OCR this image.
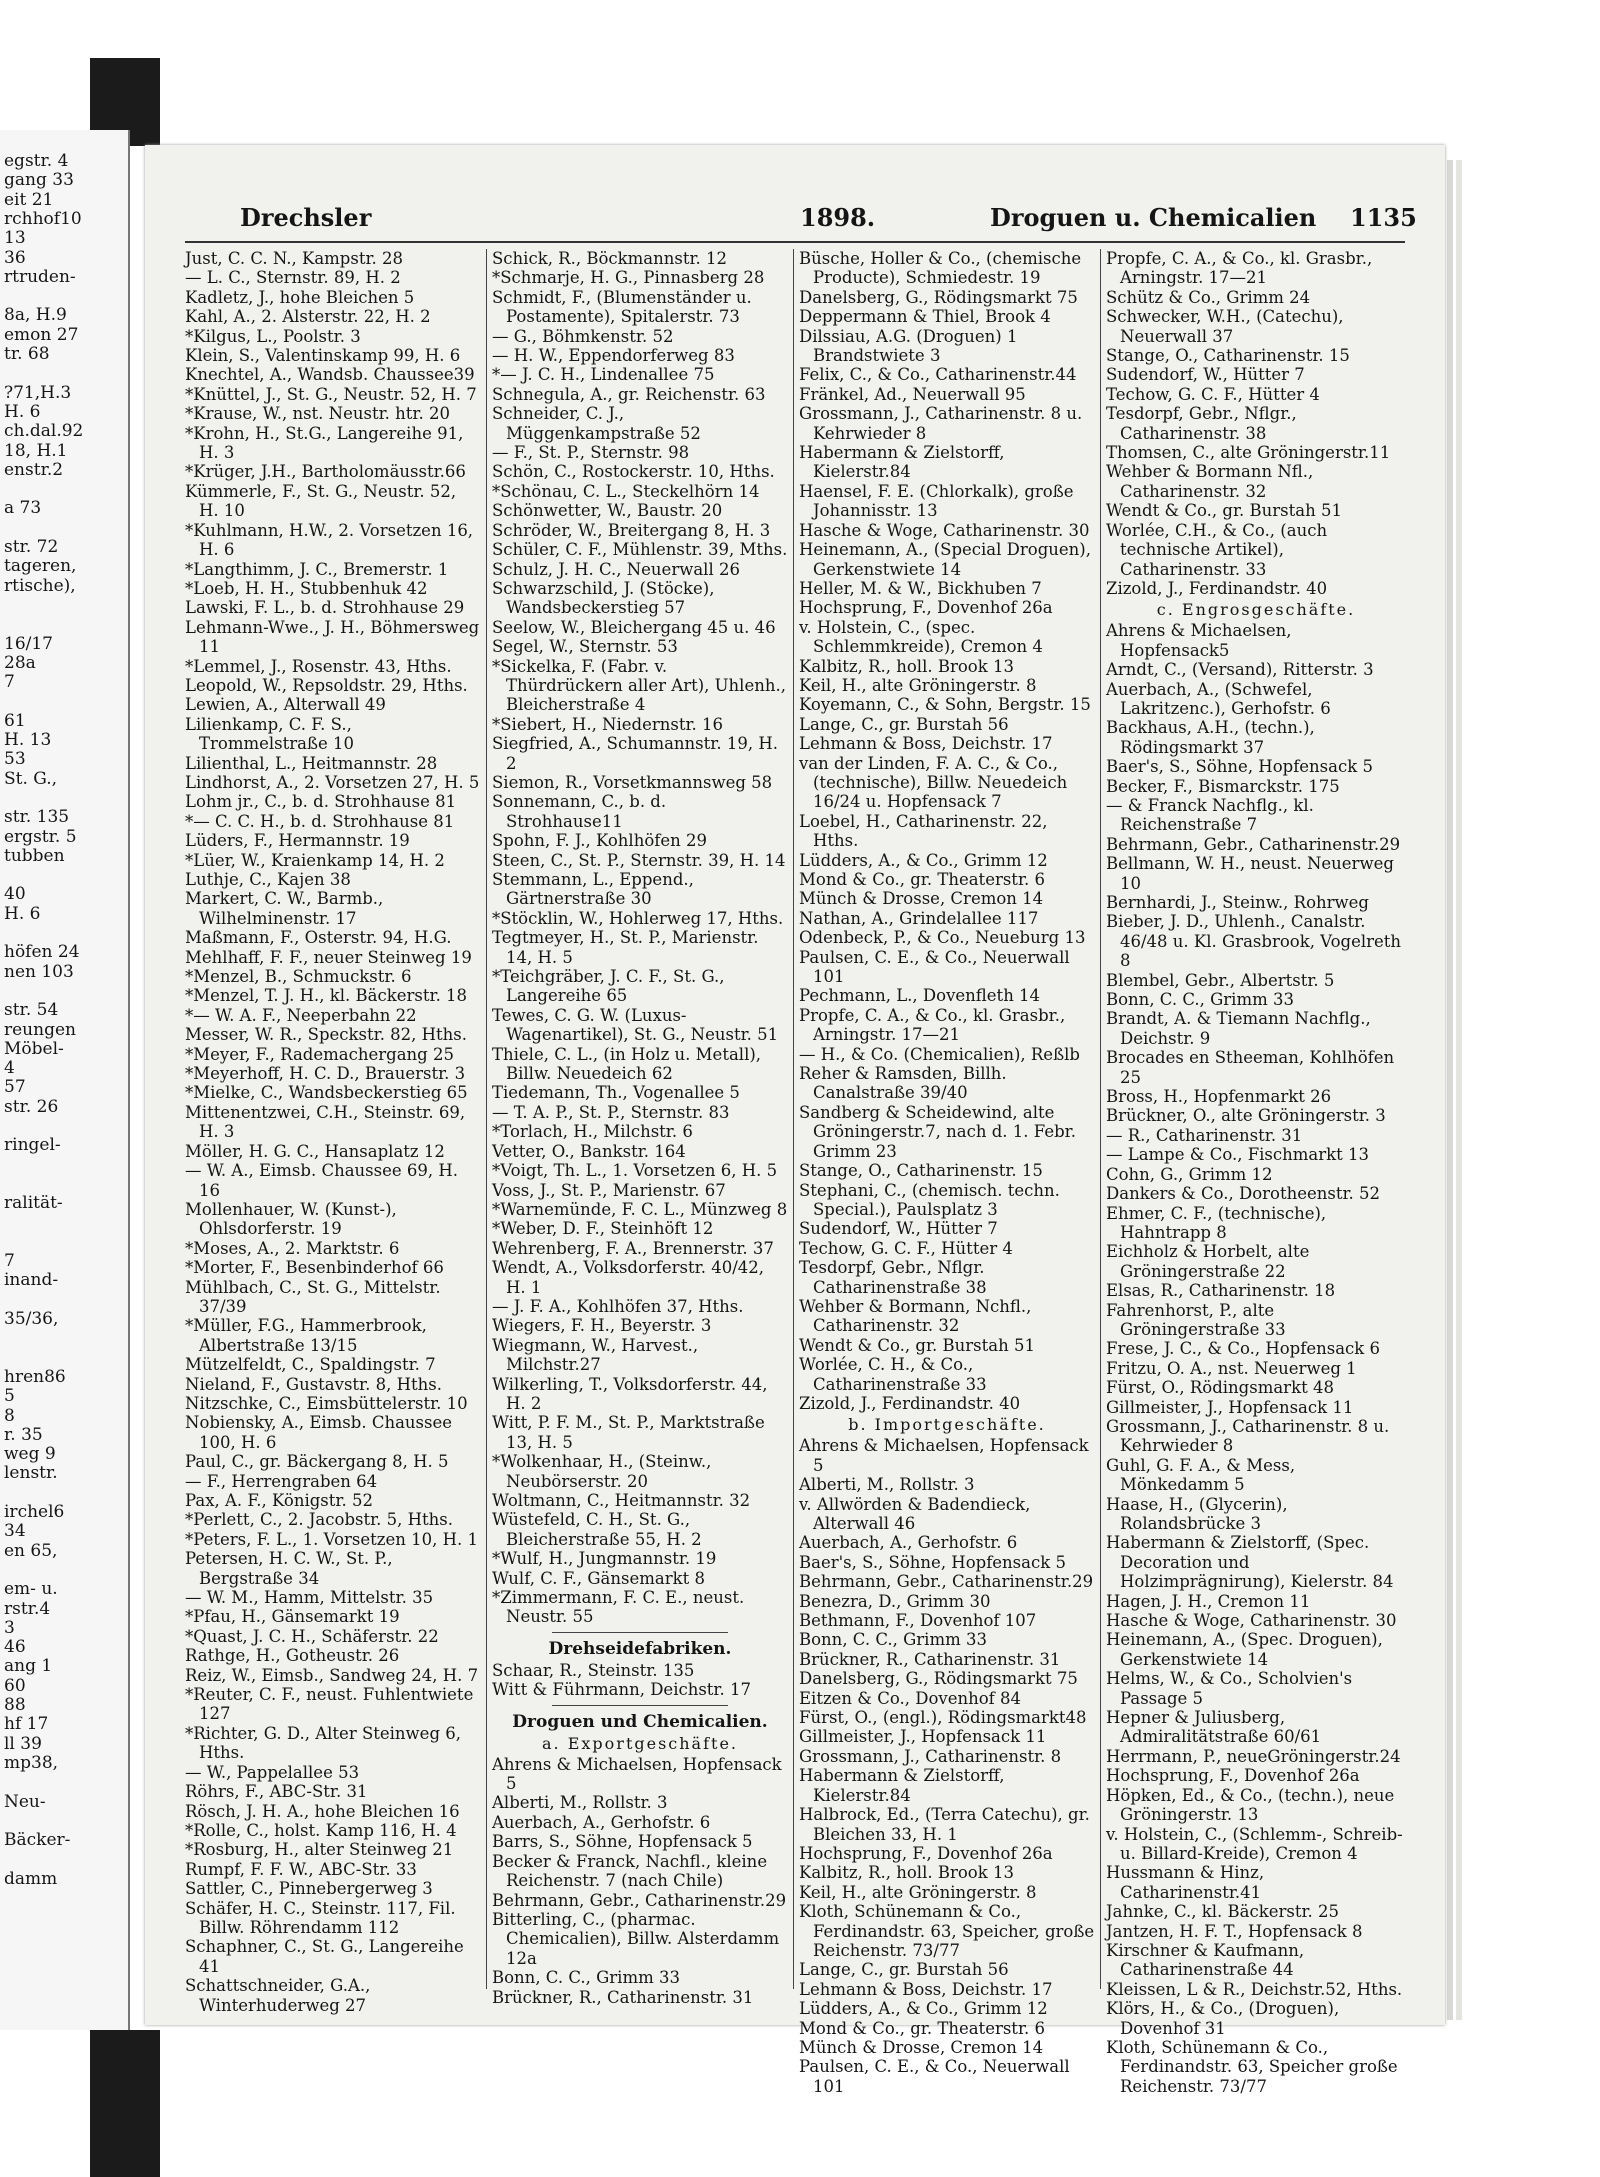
egstr. 4
gang 33
eit 21
rchhof10
13
36
rtruden-
8a, H.9
emon 27
tr. 68
?71,H.3
H. 6
ch.dal.92
18, H.1
enstr.2
a 73
str. 72
tageren,
rtische),
16/17
28a
7
61
H. 13
53
St. G.,
str. 135
ergstr. 5
tubben
40
H. 6
höfen 24
nen 103
str. 54
reungen
Möbel-
4
57
str. 26
ringel-
ralität-
7
inand-
35/36,
hren86
5
8
r. 35
weg 9
lenstr.
irchel6
34
en 65,
em- u.
rstr.4
3
46
ang 1
60
88
hf 17
ll 39
mp38,
Neu-
Bäcker-
damm
Drechsler	1898.	Droguen u. Chemicalien 1135
Just, C. C. N., Kampstr. 28
— L. C., Sternstr. 89, H. 2
Kadletz, J., hohe Bleichen 5
Kahl, A., 2. Alsterstr. 22, H. 2
*Kilgus, L., Poolstr. 3
Klein, S., Valentinskamp 99, H. 6
Knechtel, A., Wandsb. Chaussee39
*Knüttel, J., St. G., Neustr. 52, H. 7
*Krause, W., nst. Neustr. htr. 20
*Krohn, H., St.G., Langereihe 91, H. 3
*Krüger, J.H., Bartholomäusstr.66
Kümmerle, F., St. G., Neustr. 52, H. 10
*Kuhlmann, H.W., 2. Vorsetzen 16, H. 6
*Langthimm, J. C., Bremerstr. 1
*Loeb, H. H., Stubbenhuk 42
Lawski, F. L., b. d. Strohhause 29
Lehmann-Wwe., J. H., Böhmersweg 11
*Lemmel, J., Rosenstr. 43, Hths.
Leopold, W., Repsoldstr. 29, Hths.
Lewien, A., Alterwall 49
Lilienkamp, C. F. S., Trommelstraße 10
Lilienthal, L., Heitmannstr. 28
Lindhorst, A., 2. Vorsetzen 27, H. 5
Lohm jr., C., b. d. Strohhause 81
*— C. C. H., b. d. Strohhause 81
Lüders, F., Hermannstr. 19
*Lüer, W., Kraienkamp 14, H. 2
Luthje, C., Kajen 38
Markert, C. W., Barmb., Wilhelminenstr. 17
Maßmann, F., Osterstr. 94, H.G.
Mehlhaff, F. F., neuer Steinweg 19
*Menzel, B., Schmuckstr. 6
*Menzel, T. J. H., kl. Bäckerstr. 18
*— W. A. F., Neeperbahn 22
Messer, W. R., Speckstr. 82, Hths.
*Meyer, F., Rademachergang 25
*Meyerhoff, H. C. D., Brauerstr. 3
*Mielke, C., Wandsbeckerstieg 65
Mittenentzwei, C.H., Steinstr. 69, H. 3
Möller, H. G. C., Hansaplatz 12
— W. A., Eimsb. Chaussee 69, H. 16
Mollenhauer, W. (Kunst-), Ohlsdorferstr. 19
*Moses, A., 2. Marktstr. 6
*Morter, F., Besenbinderhof 66
Mühlbach, C., St. G., Mittelstr. 37/39
*Müller, F.G., Hammerbrook, Albertstraße 13/15
Mützelfeldt, C., Spaldingstr. 7
Nieland, F., Gustavstr. 8, Hths.
Nitzschke, C., Eimsbüttelerstr. 10
Nobiensky, A., Eimsb. Chaussee 100, H. 6
Paul, C., gr. Bäckergang 8, H. 5
— F., Herrengraben 64
Pax, A. F., Königstr. 52
*Perlett, C., 2. Jacobstr. 5, Hths.
*Peters, F. L., 1. Vorsetzen 10, H. 1
Petersen, H. C. W., St. P., Bergstraße 34
— W. M., Hamm, Mittelstr. 35
*Pfau, H., Gänsemarkt 19
*Quast, J. C. H., Schäferstr. 22
Rathge, H., Gotheustr. 26
Reiz, W., Eimsb., Sandweg 24, H. 7
*Reuter, C. F., neust. Fuhlentwiete 127
*Richter, G. D., Alter Steinweg 6, Hths.
— W., Pappelallee 53
Röhrs, F., ABC-Str. 31
Rösch, J. H. A., hohe Bleichen 16
*Rolle, C., holst. Kamp 116, H. 4
*Rosburg, H., alter Steinweg 21
Rumpf, F. F. W., ABC-Str. 33
Sattler, C., Pinnebergerweg 3
Schäfer, H. C., Steinstr. 117, Fil. Billw. Röhrendamm 112
Schaphner, C., St. G., Langereihe 41
Schattschneider, G.A., Winterhuderweg 27
Schick, R., Böckmannstr. 12
*Schmarje, H. G., Pinnasberg 28
Schmidt, F., (Blumenständer u. Postamente), Spitalerstr. 73
— G., Böhmkenstr. 52
— H. W., Eppendorferweg 83
*— J. C. H., Lindenallee 75
Schnegula, A., gr. Reichenstr. 63
Schneider, C. J., Müggenkampstraße 52
— F., St. P., Sternstr. 98
Schön, C., Rostockerstr. 10, Hths.
*Schönau, C. L., Steckelhörn 14
Schönwetter, W., Baustr. 20
Schröder, W., Breitergang 8, H. 3
Schüler, C. F., Mühlenstr. 39, Mths.
Schulz, J. H. C., Neuerwall 26
Schwarzschild, J. (Stöcke), Wandsbeckerstieg 57
Seelow, W., Bleichergang 45 u. 46
Segel, W., Sternstr. 53
*Sickelka, F. (Fabr. v. Thürdrückern aller Art), Uhlenh., Bleicherstraße 4
*Siebert, H., Niedernstr. 16
Siegfried, A., Schumannstr. 19, H. 2
Siemon, R., Vorsetkmannsweg 58
Sonnemann, C., b. d. Strohhause11
Spohn, F. J., Kohlhöfen 29
Steen, C., St. P., Sternstr. 39, H. 14
Stemmann, L., Eppend., Gärtnerstraße 30
*Stöcklin, W., Hohlerweg 17, Hths.
Tegtmeyer, H., St. P., Marienstr. 14, H. 5
*Teichgräber, J. C. F., St. G., Langereihe 65
Tewes, C. G. W. (Luxus-Wagenartikel), St. G., Neustr. 51
Thiele, C. L., (in Holz u. Metall), Billw. Neuedeich 62
Tiedemann, Th., Vogenallee 5
— T. A. P., St. P., Sternstr. 83
*Torlach, H., Milchstr. 6
Vetter, O., Bankstr. 164
*Voigt, Th. L., 1. Vorsetzen 6, H. 5
Voss, J., St. P., Marienstr. 67
*Warnemünde, F. C. L., Münzweg 8
*Weber, D. F., Steinhöft 12
Wehrenberg, F. A., Brennerstr. 37
Wendt, A., Volksdorferstr. 40/42, H. 1
— J. F. A., Kohlhöfen 37, Hths.
Wiegers, F. H., Beyerstr. 3
Wiegmann, W., Harvest., Milchstr.27
Wilkerling, T., Volksdorferstr. 44, H. 2
Witt, P. F. M., St. P., Marktstraße 13, H. 5
*Wolkenhaar, H., (Steinw., Neubörserstr. 20
Woltmann, C., Heitmannstr. 32
Wüstefeld, C. H., St. G., Bleicherstraße 55, H. 2
*Wulf, H., Jungmannstr. 19
Wulf, C. F., Gänsemarkt 8
*Zimmermann, F. C. E., neust. Neustr. 55
Drehseidefabriken.
Schaar, R., Steinstr. 135
Witt & Führmann, Deichstr. 17
Droguen und Chemicalien.
a. Exportgeschäfte.
Ahrens & Michaelsen, Hopfensack 5
Alberti, M., Rollstr. 3
Auerbach, A., Gerhofstr. 6
Barrs, S., Söhne, Hopfensack 5
Becker & Franck, Nachfl., kleine Reichenstr. 7 (nach Chile)
Behrmann, Gebr., Catharinenstr.29
Bitterling, C., (pharmac. Chemicalien), Billw. Alsterdamm 12a
Bonn, C. C., Grimm 33
Brückner, R., Catharinenstr. 31
Büsche, Holler & Co., (chemische Producte), Schmiedestr. 19
Danelsberg, G., Rödingsmarkt 75
Deppermann & Thiel, Brook 4
Dilssiau, A.G. (Droguen) 1 Brandstwiete 3
Felix, C., & Co., Catharinenstr.44
Fränkel, Ad., Neuerwall 95
Grossmann, J., Catharinenstr. 8 u. Kehrwieder 8
Habermann & Zielstorff, Kielerstr.84
Haensel, F. E. (Chlorkalk), große Johannisstr. 13
Hasche & Woge, Catharinenstr. 30
Heinemann, A., (Special Droguen), Gerkenstwiete 14
Heller, M. & W., Bickhuben 7
Hochsprung, F., Dovenhof 26a
v. Holstein, C., (spec. Schlemmkreide), Cremon 4
Kalbitz, R., holl. Brook 13
Keil, H., alte Gröningerstr. 8
Koyemann, C., & Sohn, Bergstr. 15
Lange, C., gr. Burstah 56
Lehmann & Boss, Deichstr. 17
van der Linden, F. A. C., & Co., (technische), Billw. Neuedeich 16/24 u. Hopfensack 7
Loebel, H., Catharinenstr. 22, Hths.
Lüdders, A., & Co., Grimm 12
Mond & Co., gr. Theaterstr. 6
Münch & Drosse, Cremon 14
Nathan, A., Grindelallee 117
Odenbeck, P., & Co., Neueburg 13
Paulsen, C. E., & Co., Neuerwall 101
Pechmann, L., Dovenfleth 14
Propfe, C. A., & Co., kl. Grasbr., Arningstr. 17—21
— H., & Co. (Chemicalien), Reßlb
Reher & Ramsden, Billh. Canalstraße 39/40
Sandberg & Scheidewind, alte Gröningerstr.7, nach d. 1. Febr. Grimm 23
Stange, O., Catharinenstr. 15
Stephani, C., (chemisch. techn. Special.), Paulsplatz 3
Sudendorf, W., Hütter 7
Techow, G. C. F., Hütter 4
Tesdorpf, Gebr., Nflgr. Catharinenstraße 38
Wehber & Bormann, Nchfl., Catharinenstr. 32
Wendt & Co., gr. Burstah 51
Worlée, C. H., & Co., Catharinenstraße 33
Zizold, J., Ferdinandstr. 40
b. Importgeschäfte.
Ahrens & Michaelsen, Hopfensack 5
Alberti, M., Rollstr. 3
v. Allwörden & Badendieck, Alterwall 46
Auerbach, A., Gerhofstr. 6
Baer's, S., Söhne, Hopfensack 5
Behrmann, Gebr., Catharinenstr.29
Benezra, D., Grimm 30
Bethmann, F., Dovenhof 107
Bonn, C. C., Grimm 33
Brückner, R., Catharinenstr. 31
Danelsberg, G., Rödingsmarkt 75
Eitzen & Co., Dovenhof 84
Fürst, O., (engl.), Rödingsmarkt48
Gillmeister, J., Hopfensack 11
Grossmann, J., Catharinenstr. 8
Habermann & Zielstorff, Kielerstr.84
Halbrock, Ed., (Terra Catechu), gr. Bleichen 33, H. 1
Hochsprung, F., Dovenhof 26a
Kalbitz, R., holl. Brook 13
Keil, H., alte Gröningerstr. 8
Kloth, Schünemann & Co., Ferdinandstr. 63, Speicher, große Reichenstr. 73/77
Lange, C., gr. Burstah 56
Lehmann & Boss, Deichstr. 17
Lüdders, A., & Co., Grimm 12
Mond & Co., gr. Theaterstr. 6
Münch & Drosse, Cremon 14
Paulsen, C. E., & Co., Neuerwall 101
Propfe, C. A., & Co., kl. Grasbr., Arningstr. 17—21
Schütz & Co., Grimm 24
Schwecker, W.H., (Catechu), Neuerwall 37
Stange, O., Catharinenstr. 15
Sudendorf, W., Hütter 7
Techow, G. C. F., Hütter 4
Tesdorpf, Gebr., Nflgr., Catharinenstr. 38
Thomsen, C., alte Gröningerstr.11
Wehber & Bormann Nfl., Catharinenstr. 32
Wendt & Co., gr. Burstah 51
Worlée, C.H., & Co., (auch technische Artikel), Catharinenstr. 33
Zizold, J., Ferdinandstr. 40
c. Engrosgeschäfte.
Ahrens & Michaelsen, Hopfensack5
Arndt, C., (Versand), Ritterstr. 3
Auerbach, A., (Schwefel, Lakritzenc.), Gerhofstr. 6
Backhaus, A.H., (techn.), Rödingsmarkt 37
Baer's, S., Söhne, Hopfensack 5
Becker, F., Bismarckstr. 175
— & Franck Nachflg., kl. Reichenstraße 7
Behrmann, Gebr., Catharinenstr.29
Bellmann, W. H., neust. Neuerweg 10
Bernhardi, J., Steinw., Rohrweg
Bieber, J. D., Uhlenh., Canalstr. 46/48 u. Kl. Grasbrook, Vogelreth 8
Blembel, Gebr., Albertstr. 5
Bonn, C. C., Grimm 33
Brandt, A. & Tiemann Nachflg., Deichstr. 9
Brocades en Stheeman, Kohlhöfen 25
Bross, H., Hopfenmarkt 26
Brückner, O., alte Gröningerstr. 3
— R., Catharinenstr. 31
— Lampe & Co., Fischmarkt 13
Cohn, G., Grimm 12
Dankers & Co., Dorotheenstr. 52
Ehmer, C. F., (technische), Hahntrapp 8
Eichholz & Horbelt, alte Gröningerstraße 22
Elsas, R., Catharinenstr. 18
Fahrenhorst, P., alte Gröningerstraße 33
Frese, J. C., & Co., Hopfensack 6
Fritzu, O. A., nst. Neuerweg 1
Fürst, O., Rödingsmarkt 48
Gillmeister, J., Hopfensack 11
Grossmann, J., Catharinenstr. 8 u. Kehrwieder 8
Guhl, G. F. A., & Mess, Mönkedamm 5
Haase, H., (Glycerin), Rolandsbrücke 3
Habermann & Zielstorff, (Spec. Decoration und Holzimprägnirung), Kielerstr. 84
Hagen, J. H., Cremon 11
Hasche & Woge, Catharinenstr. 30
Heinemann, A., (Spec. Droguen), Gerkenstwiete 14
Helms, W., & Co., Scholvien's Passage 5
Hepner & Juliusberg, Admiralitätstraße 60/61
Herrmann, P., neueGröningerstr.24
Hochsprung, F., Dovenhof 26a
Höpken, Ed., & Co., (techn.), neue Gröningerstr. 13
v. Holstein, C., (Schlemm-, Schreib- u. Billard-Kreide), Cremon 4
Hussmann & Hinz, Catharinenstr.41
Jahnke, C., kl. Bäckerstr. 25
Jantzen, H. F. T., Hopfensack 8
Kirschner & Kaufmann, Catharinenstraße 44
Kleissen, L & R., Deichstr.52, Hths.
Klörs, H., & Co., (Droguen), Dovenhof 31
Kloth, Schünemann & Co., Ferdinandstr. 63, Speicher große Reichenstr. 73/77
